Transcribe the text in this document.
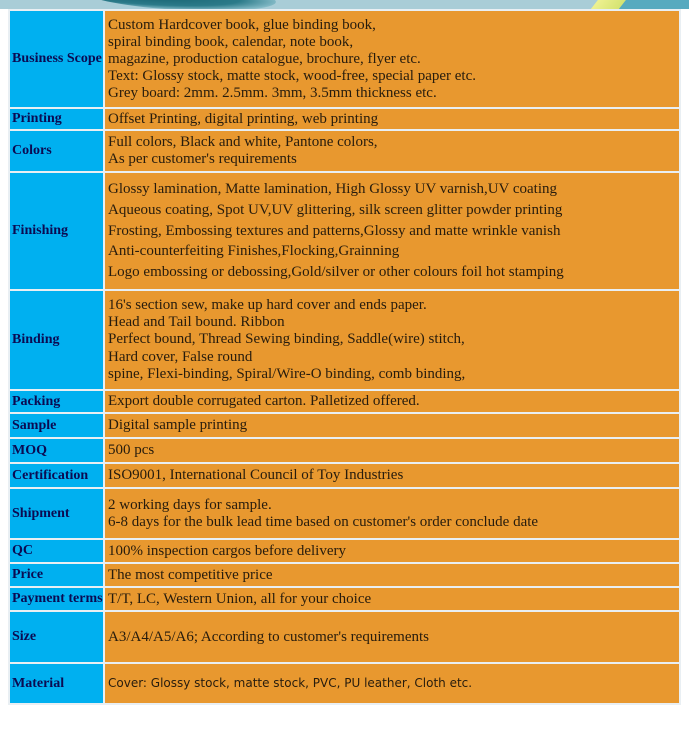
Business Scope	Custom Hardcover book, glue binding book,
spiral binding book, calendar, note book,
magazine, production catalogue, brochure, flyer etc.
Text: Glossy stock, matte stock, wood-free, special paper etc.
Grey board: 2mm. 2.5mm. 3mm, 3.5mm thickness etc.

Printing	Offset Printing, digital printing, web printing

Colors	Full colors, Black and white, Pantone colors,
As per customer's requirements

Finishing	Glossy lamination, Matte lamination, High Glossy UV varnish,UV coating
Aqueous coating, Spot UV,UV glittering, silk screen glitter powder printing
Frosting, Embossing textures and patterns,Glossy and matte wrinkle vanish
Anti-counterfeiting Finishes,Flocking,Grainning
Logo embossing or debossing,Gold/silver or other colours foil hot stamping

Binding	16's section sew, make up hard cover and ends paper.
Head and Tail bound. Ribbon
Perfect bound, Thread Sewing binding, Saddle(wire) stitch,
Hard cover, False round
spine, Flexi-binding, Spiral/Wire-O binding, comb binding,

Packing	Export double corrugated carton. Palletized offered.

Sample	Digital sample printing

MOQ	500 pcs

Certification	ISO9001, International Council of Toy Industries

Shipment	2 working days for sample.
6-8 days for the bulk lead time based on customer's order conclude date

QC	100% inspection cargos before delivery

Price	The most competitive price

Payment terms	T/T, LC, Western Union, all for your choice

Size	A3/A4/A5/A6; According to customer's requirements

Material	Cover: Glossy stock, matte stock, PVC, PU leather, Cloth etc.
